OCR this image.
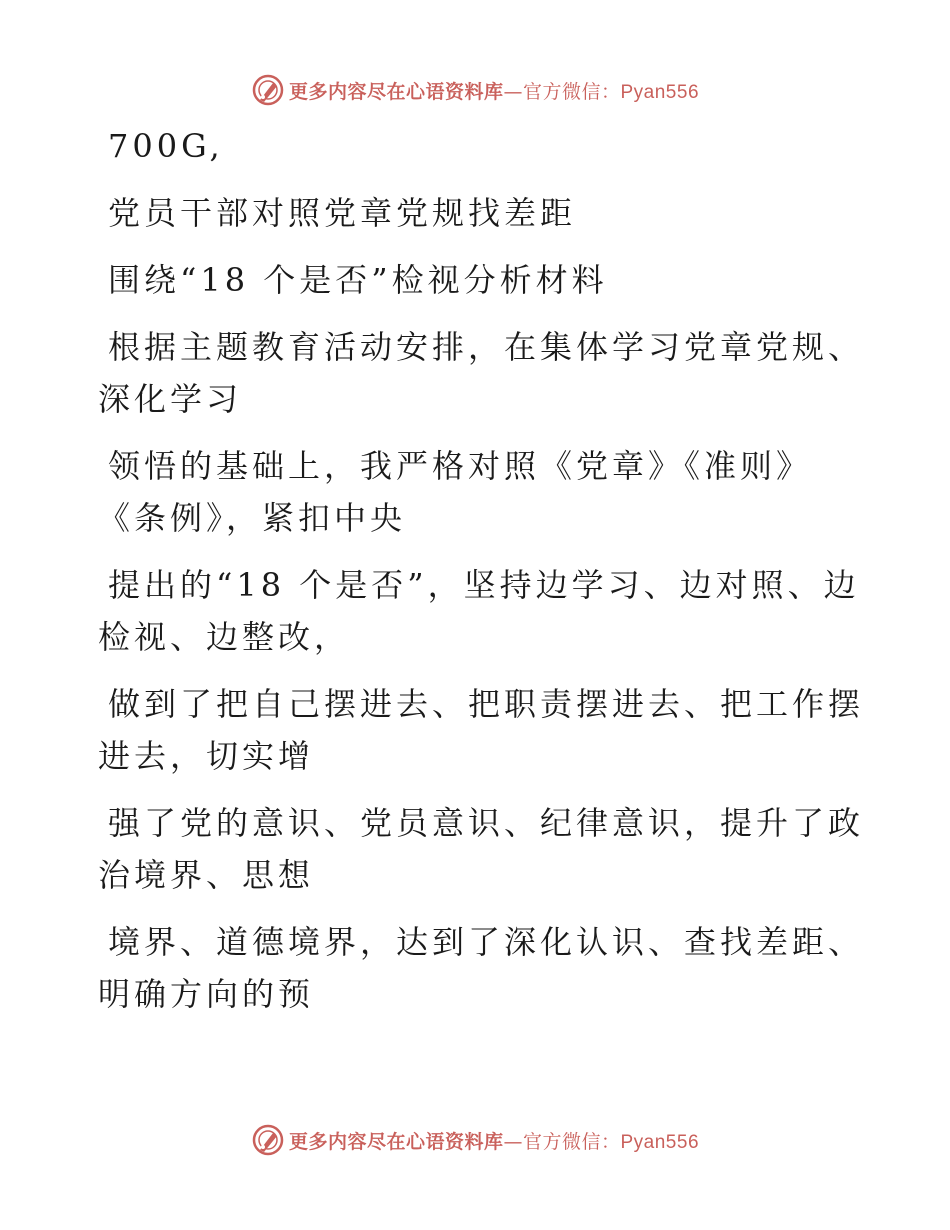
更多内容尽在心语资料库—官方微信：Pyan556
700G,
党员干部对照党章党规找差距
围绕“18 个是否”检视分析材料
根据主题教育活动安排，在集体学习党章党规、
深化学习
领悟的基础上，我严格对照《党章》《准则》
《条例》，紧扣中央
提出的“18 个是否”，坚持边学习、边对照、边
检视、边整改，
做到了把自己摆进去、把职责摆进去、把工作摆
进去，切实增
强了党的意识、党员意识、纪律意识，提升了政
治境界、思想
境界、道德境界，达到了深化认识、查找差距、
明确方向的预
更多内容尽在心语资料库—官方微信：Pyan556
